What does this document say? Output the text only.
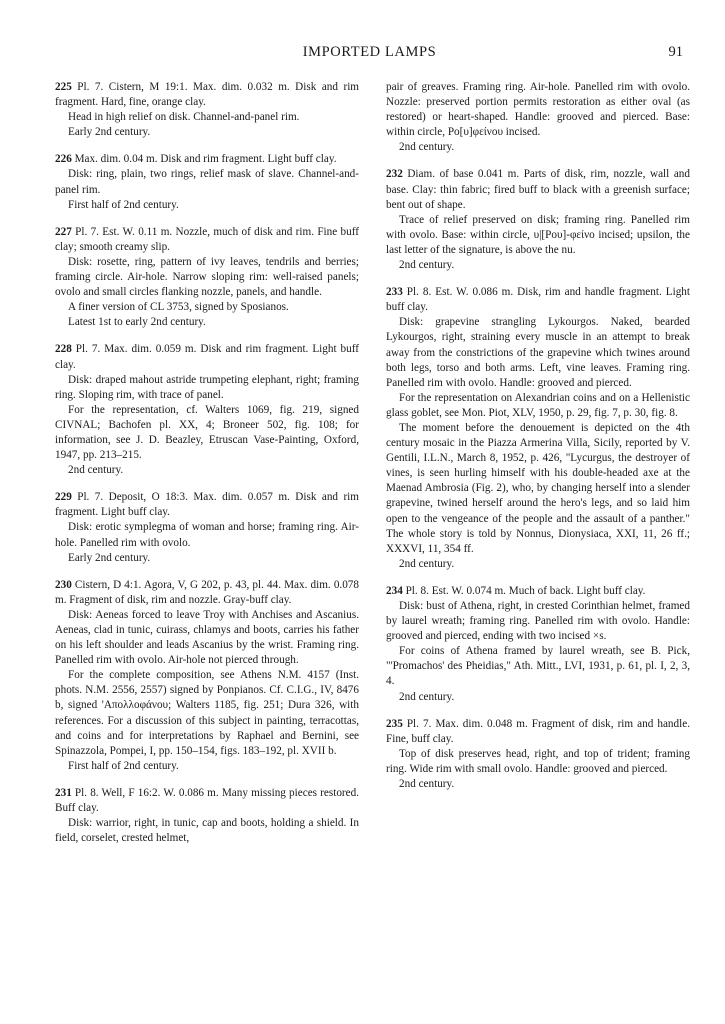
IMPORTED LAMPS	91

225 Pl. 7. Cistern, M 19:1. Max. dim. 0.032 m. Disk and rim fragment. Hard, fine, orange clay.

Head in high relief on disk. Channel-and-panel rim.

Early 2nd century.

226 Max. dim. 0.04 m. Disk and rim fragment. Light buff clay.

Disk: ring, plain, two rings, relief mask of slave. Channel-and-panel rim.

First half of 2nd century.

227 Pl. 7. Est. W. 0.11 m. Nozzle, much of disk and rim. Fine buff clay; smooth creamy slip.

Disk: rosette, ring, pattern of ivy leaves, tendrils and berries; framing circle. Air-hole. Narrow sloping rim: well-raised panels; ovolo and small circles flanking nozzle, panels, and handle.

A finer version of CL 3753, signed by Sposianos.

Latest 1st to early 2nd century.

228 Pl. 7. Max. dim. 0.059 m. Disk and rim fragment. Light buff clay.

Disk: draped mahout astride trumpeting elephant, right; framing ring. Sloping rim, with trace of panel.

For the representation, cf. Walters 1069, fig. 219, signed CIVNAL; Bachofen pl. XX, 4; Broneer 502, fig. 108; for information, see J. D. Beazley, Etruscan Vase-Painting, Oxford, 1947, pp. 213–215.

2nd century.

229 Pl. 7. Deposit, O 18:3. Max. dim. 0.057 m. Disk and rim fragment. Light buff clay.

Disk: erotic symplegma of woman and horse; framing ring. Air-hole. Panelled rim with ovolo.

Early 2nd century.

230 Cistern, D 4:1. Agora, V, G 202, p. 43, pl. 44. Max. dim. 0.078 m. Fragment of disk, rim and nozzle. Gray-buff clay.

Disk: Aeneas forced to leave Troy with Anchises and Ascanius. Aeneas, clad in tunic, cuirass, chlamys and boots, carries his father on his left shoulder and leads Ascanius by the wrist. Framing ring. Panelled rim with ovolo. Air-hole not pierced through.

For the complete composition, see Athens N.M. 4157 (Inst. phots. N.M. 2556, 2557) signed by Ponpianos. Cf. C.I.G., IV, 8476 b, signed 'Απολλοφάνου; Walters 1185, fig. 251; Dura 326, with references. For a discussion of this subject in painting, terracottas, and coins and for interpretations by Raphael and Bernini, see Spinazzola, Pompei, I, pp. 150–154, figs. 183–192, pl. XVII b.

First half of 2nd century.

231 Pl. 8. Well, F 16:2. W. 0.086 m. Many missing pieces restored. Buff clay.

Disk: warrior, right, in tunic, cap and boots, holding a shield. In field, corselet, crested helmet,

pair of greaves. Framing ring. Air-hole. Panelled rim with ovolo. Nozzle: preserved portion permits restoration as either oval (as restored) or heart-shaped. Handle: grooved and pierced. Base: within circle, Ρο[υ]φείνου incised.

2nd century.

232 Diam. of base 0.041 m. Parts of disk, rim, nozzle, wall and base. Clay: thin fabric; fired buff to black with a greenish surface; bent out of shape.

Trace of relief preserved on disk; framing ring. Panelled rim with ovolo. Base: within circle, υ|[Ρου]-φείνο incised; upsilon, the last letter of the signature, is above the nu.

2nd century.

233 Pl. 8. Est. W. 0.086 m. Disk, rim and handle fragment. Light buff clay.

Disk: grapevine strangling Lykourgos. Naked, bearded Lykourgos, right, straining every muscle in an attempt to break away from the constrictions of the grapevine which twines around both legs, torso and both arms. Left, vine leaves. Framing ring. Panelled rim with ovolo. Handle: grooved and pierced.

For the representation on Alexandrian coins and on a Hellenistic glass goblet, see Mon. Piot, XLV, 1950, p. 29, fig. 7, p. 30, fig. 8.

The moment before the denouement is depicted on the 4th century mosaic in the Piazza Armerina Villa, Sicily, reported by V. Gentili, I.L.N., March 8, 1952, p. 426, "Lycurgus, the destroyer of vines, is seen hurling himself with his double-headed axe at the Maenad Ambrosia (Fig. 2), who, by changing herself into a slender grapevine, twined herself around the hero's legs, and so laid him open to the vengeance of the people and the assault of a panther." The whole story is told by Nonnus, Dionysiaca, XXI, 11, 26 ff.; XXXVI, 11, 354 ff.

2nd century.

234 Pl. 8. Est. W. 0.074 m. Much of back. Light buff clay.

Disk: bust of Athena, right, in crested Corinthian helmet, framed by laurel wreath; framing ring. Panelled rim with ovolo. Handle: grooved and pierced, ending with two incised ×s.

For coins of Athena framed by laurel wreath, see B. Pick, "'Promachos' des Pheidias," Ath. Mitt., LVI, 1931, p. 61, pl. I, 2, 3, 4.

2nd century.

235 Pl. 7. Max. dim. 0.048 m. Fragment of disk, rim and handle. Fine, buff clay.

Top of disk preserves head, right, and top of trident; framing ring. Wide rim with small ovolo. Handle: grooved and pierced.

2nd century.
